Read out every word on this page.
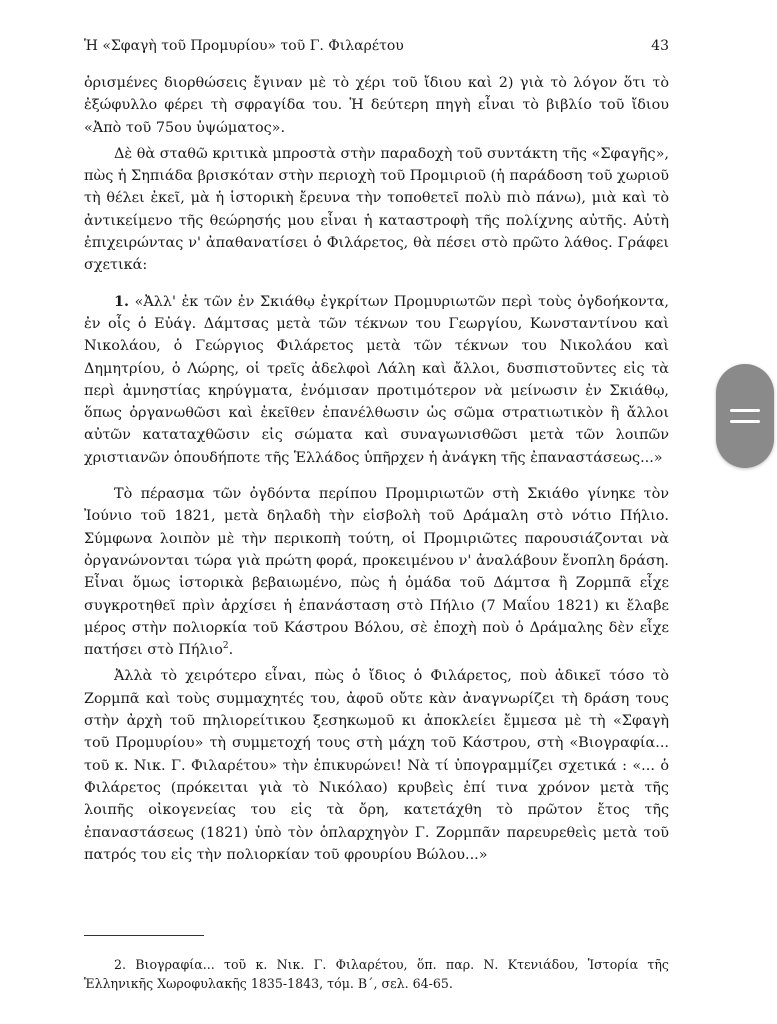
Ἡ «Σφαγὴ τοῦ Προμυρίου» τοῦ Γ. Φιλαρέτου	43

ὁρισμένες διορθώσεις ἔγιναν μὲ τὸ χέρι τοῦ ἴδιου καὶ 2) γιὰ τὸ λόγον ὅτι τὸ ἐξώφυλλο φέρει τὴ σφραγίδα του. Ἡ δεύτερη πηγὴ εἶναι τὸ βιβλίο τοῦ ἴδιου «Ἀπὸ τοῦ 75ου ὑψώματος».

Δὲ θὰ σταθῶ κριτικὰ μπροστὰ στὴν παραδοχὴ τοῦ συντάκτη τῆς «Σφαγῆς», πὼς ἡ Σηπιάδα βρισκόταν στὴν περιοχὴ τοῦ Προμιριοῦ (ἡ παράδοση τοῦ χωριοῦ τὴ θέλει ἐκεῖ, μὰ ἡ ἱστορικὴ ἔρευνα τὴν τοποθετεῖ πολὺ πιὸ πάνω), μιὰ καὶ τὸ ἀντικείμενο τῆς θεώρησής μου εἶναι ἡ καταστροφὴ τῆς πολίχνης αὐτῆς. Αὐτὴ ἐπιχειρώντας ν' ἀπαθανατίσει ὁ Φιλάρετος, θὰ πέσει στὸ πρῶτο λάθος. Γράφει σχετικά:

1. «Ἀλλ' ἐκ τῶν ἐν Σκιάθῳ ἐγκρίτων Προμυριωτῶν περὶ τοὺς ὀγδοήκοντα, ἐν οἷς ὁ Εὐάγ. Δάμτσας μετὰ τῶν τέκνων του Γεωργίου, Κωνσταντίνου καὶ Νικολάου, ὁ Γεώργιος Φιλάρετος μετὰ τῶν τέκνων του Νικολάου καὶ Δημητρίου, ὁ Λώρης, οἱ τρεῖς ἀδελφοὶ Λάλη καὶ ἄλλοι, δυσπιστοῦντες εἰς τὰ περὶ ἀμνηστίας κηρύγματα, ἐνόμισαν προτιμότερον νὰ μείνωσιν ἐν Σκιάθῳ, ὅπως ὀργανωθῶσι καὶ ἐκεῖθεν ἐπανέλθωσιν ὡς σῶμα στρατιωτικὸν ἢ ἄλλοι αὐτῶν καταταχθῶσιν εἰς σώματα καὶ συναγωνισθῶσι μετὰ τῶν λοιπῶν χριστιανῶν ὁπουδήποτε τῆς Ἑλλάδος ὑπῆρχεν ἡ ἀνάγκη τῆς ἐπαναστάσεως...»

Τὸ πέρασμα τῶν ὀγδόντα περίπου Προμιριωτῶν στὴ Σκιάθο γίνηκε τὸν Ἰούνιο τοῦ 1821, μετὰ δηλαδὴ τὴν εἰσβολὴ τοῦ Δράμαλη στὸ νότιο Πήλιο. Σύμφωνα λοιπὸν μὲ τὴν περικοπὴ τούτη, οἱ Προμιριῶτες παρουσιάζονται νὰ ὀργανώνονται τώρα γιὰ πρώτη φορά, προκειμένου ν' ἀναλάβουν ἔνοπλη δράση. Εἶναι ὅμως ἱστορικὰ βεβαιωμένο, πὼς ἡ ὁμάδα τοῦ Δάμτσα ἢ Ζορμπᾶ εἶχε συγκροτηθεῖ πρὶν ἀρχίσει ἡ ἐπανάσταση στὸ Πήλιο (7 Μαΐου 1821) κι ἔλαβε μέρος στὴν πολιορκία τοῦ Κάστρου Βόλου, σὲ ἐποχὴ ποὺ ὁ Δράμαλης δὲν εἶχε πατήσει στὸ Πήλιο$^2$.

Ἀλλὰ τὸ χειρότερο εἶναι, πὼς ὁ ἴδιος ὁ Φιλάρετος, ποὺ ἀδικεῖ τόσο τὸ Ζορμπᾶ καὶ τοὺς συμμαχητές του, ἀφοῦ οὔτε κὰν ἀναγνωρίζει τὴ δράση τους στὴν ἀρχὴ τοῦ πηλιορείτικου ξεσηκωμοῦ κι ἀποκλείει ἔμμεσα μὲ τὴ «Σφαγὴ τοῦ Προμυρίου» τὴ συμμετοχή τους στὴ μάχη τοῦ Κάστρου, στὴ «Βιογραφία... τοῦ κ. Νικ. Γ. Φιλαρέτου» τὴν ἐπικυρώνει! Νὰ τί ὑπογραμμίζει σχετικά : «... ὁ Φιλάρετος (πρόκειται γιὰ τὸ Νικόλαο) κρυβεὶς ἐπί τινα χρόνον μετὰ τῆς λοιπῆς οἰκογενείας του εἰς τὰ ὄρη, κατετάχθη τὸ πρῶτον ἔτος τῆς ἐπαναστάσεως (1821) ὑπὸ τὸν ὁπλαρχηγὸν Γ. Ζορμπᾶν παρευρεθεὶς μετὰ τοῦ πατρός του εἰς τὴν πολιορκίαν τοῦ φρουρίου Βώλου...»

2. Βιογραφία... τοῦ κ. Νικ. Γ. Φιλαρέτου, ὅπ. παρ. Ν. Κτενιάδου, Ἱστορία τῆς Ἑλληνικῆς Χωροφυλακῆς 1835-1843, τόμ. Β΄, σελ. 64-65.
